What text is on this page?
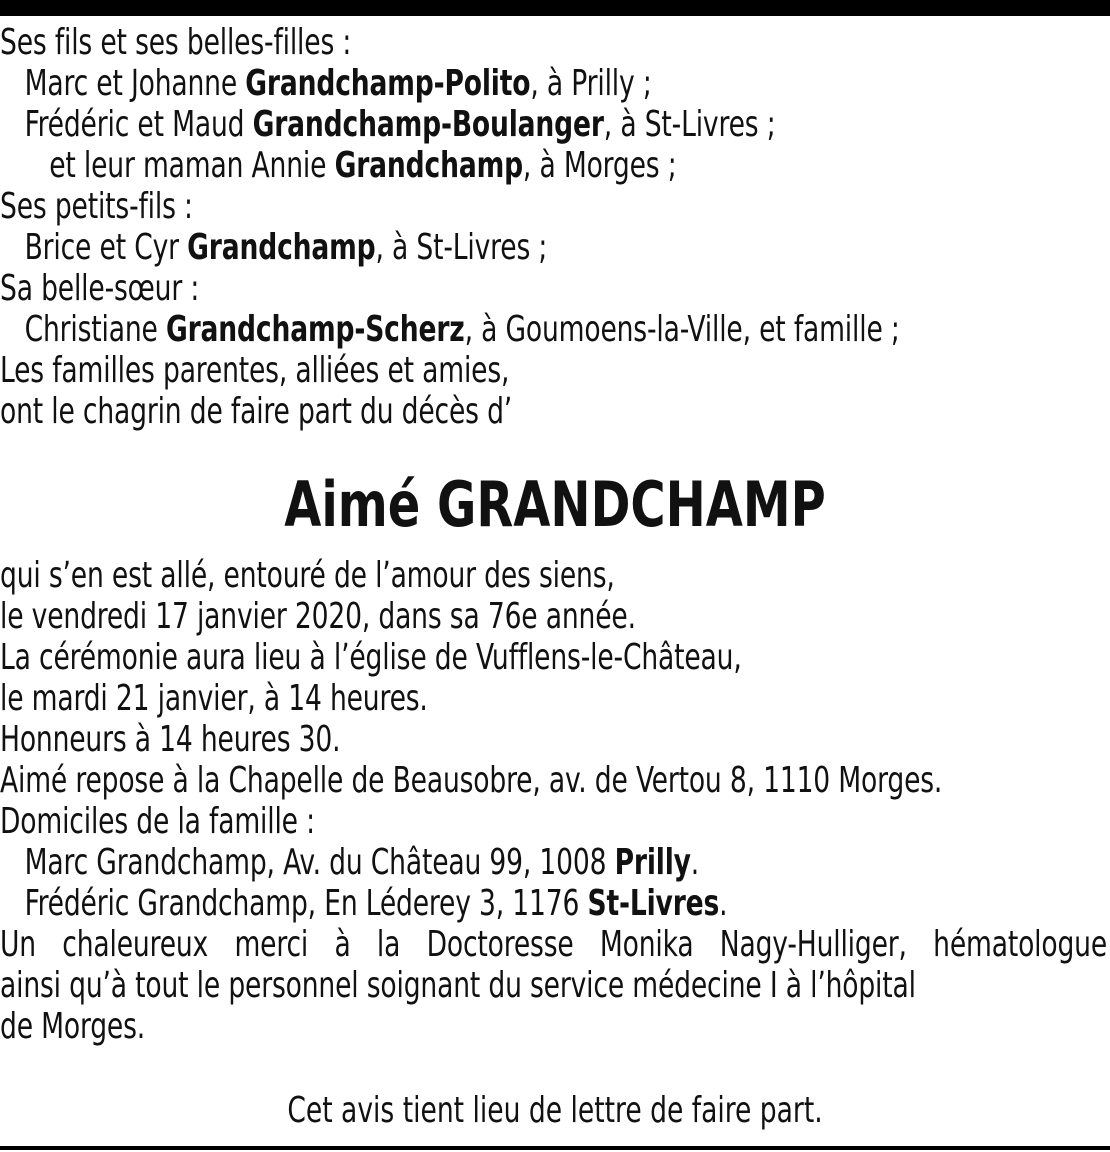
Ses fils et ses belles-filles :
Marc et Johanne Grandchamp-Polito, à Prilly ;
Frédéric et Maud Grandchamp-Boulanger, à St-Livres ;
et leur maman Annie Grandchamp, à Morges ;
Ses petits-fils :
Brice et Cyr Grandchamp, à St-Livres ;
Sa belle-sœur :
Christiane Grandchamp-Scherz, à Goumoens-la-Ville, et famille ;
Les familles parentes, alliées et amies,
ont le chagrin de faire part du décès d’
Aimé GRANDCHAMP
qui s’en est allé, entouré de l’amour des siens,
le vendredi 17 janvier 2020, dans sa 76e année.
La cérémonie aura lieu à l’église de Vufflens-le-Château,
le mardi 21 janvier, à 14 heures.
Honneurs à 14 heures 30.
Aimé repose à la Chapelle de Beausobre, av. de Vertou 8, 1110 Morges.
Domiciles de la famille :
Marc Grandchamp, Av. du Château 99, 1008 Prilly.
Frédéric Grandchamp, En Léderey 3, 1176 St-Livres.
Un chaleureux merci à la Doctoresse Monika Nagy-Hulliger, hématologue
ainsi qu’à tout le personnel soignant du service médecine I à l’hôpital
de Morges.
Cet avis tient lieu de lettre de faire part.
